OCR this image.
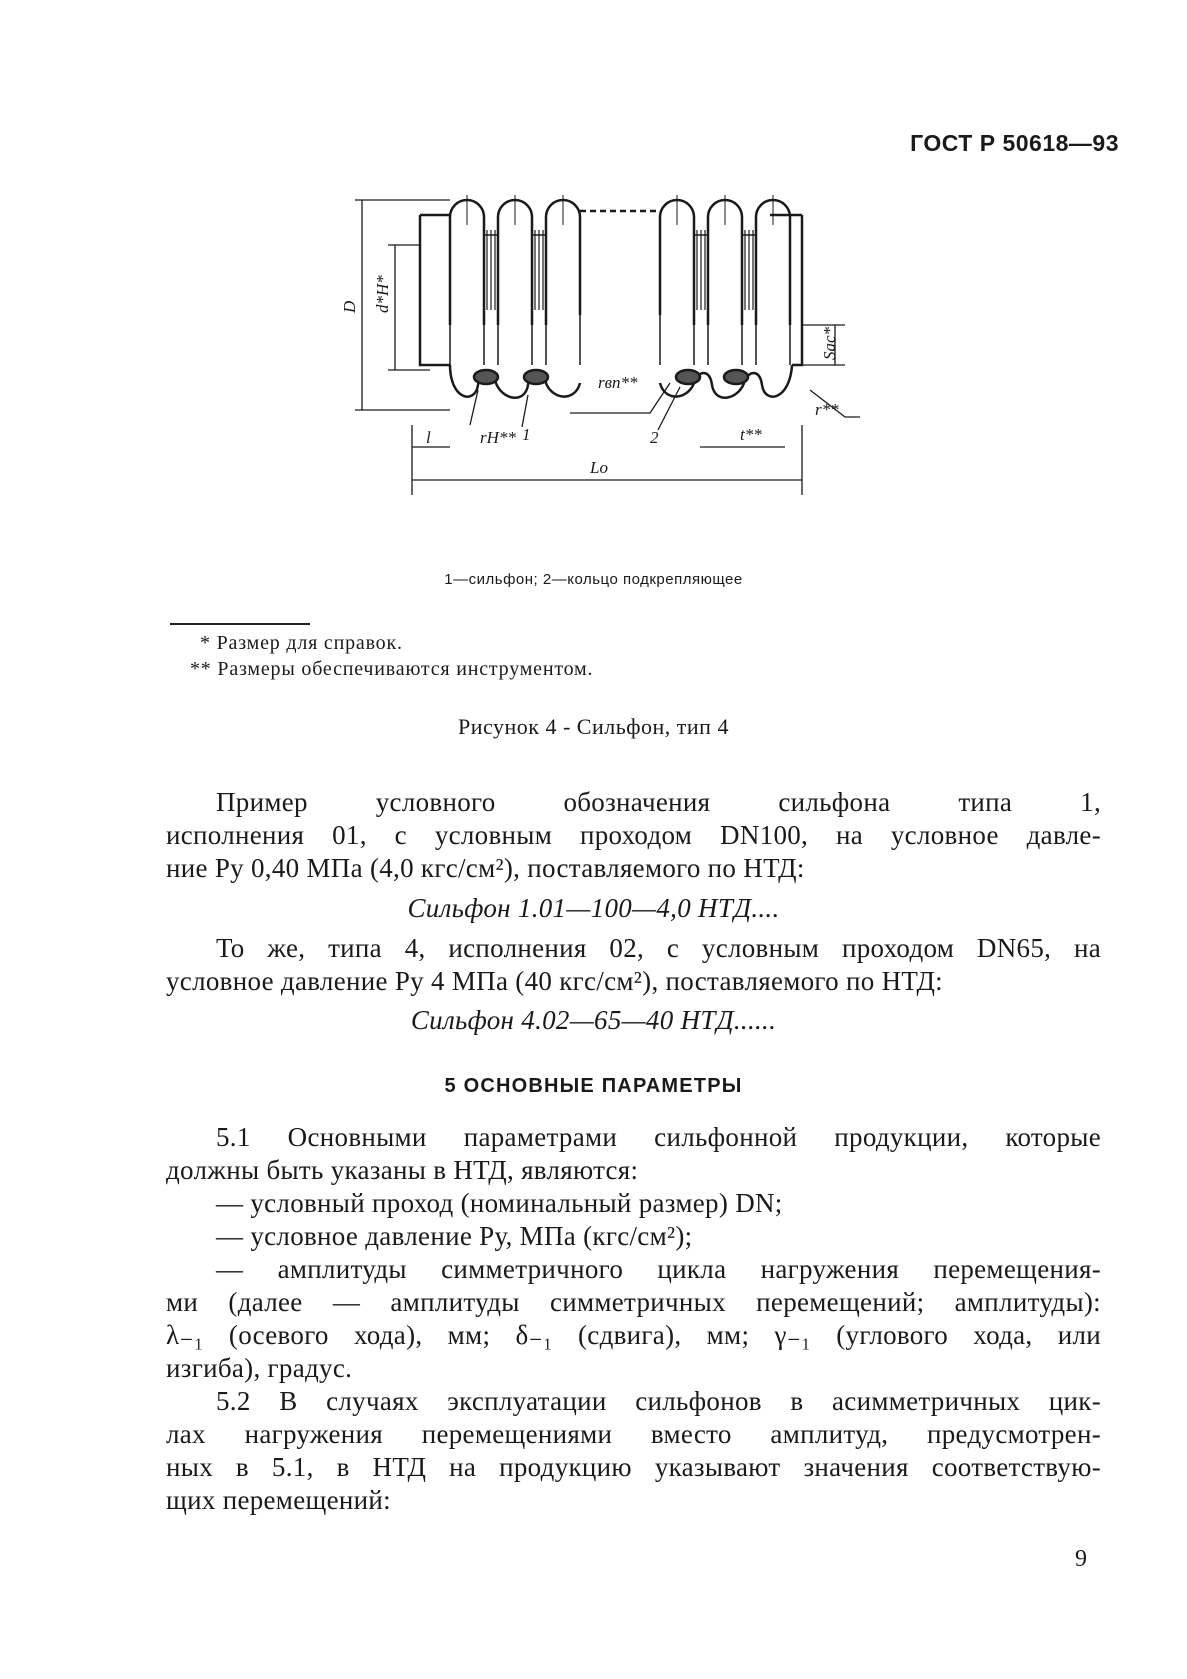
ГОСТ Р 50618—93
D d*H*
Sac*
rвп**
rH**
r**
t**
l
Lo
1	2
1—сильфон; 2—кольцо подкрепляющее
* Размер для справок.
** Размеры обеспечиваются инструментом.
Рисунок 4 - Сильфон, тип 4
Пример условного обозначения сильфона типа 1,
исполнения 01, с условным проходом DN100, на условное давле-
ние Pу 0,40 МПа (4,0 кгс/см²), поставляемого по НТД:
Сильфон 1.01—100—4,0 НТД....
То же, типа 4, исполнения 02, с условным проходом DN65, на
условное давление Pу 4 МПа (40 кгс/см²), поставляемого по НТД:
Сильфон 4.02—65—40 НТД......
5 ОСНОВНЫЕ ПАРАМЕТРЫ
5.1 Основными параметрами сильфонной продукции, которые
должны быть указаны в НТД, являются:
— условный проход (номинальный размер) DN;
— условное давление Pу, МПа (кгс/см²);
— амплитуды симметричного цикла нагружения перемещения-
ми (далее — амплитуды симметричных перемещений; амплитуды):
λ₋₁ (осевого хода), мм; δ₋₁ (сдвига), мм; γ₋₁ (углового хода, или
изгиба), градус.
5.2 В случаях эксплуатации сильфонов в асимметричных цик-
лах нагружения перемещениями вместо амплитуд, предусмотрен-
ных в 5.1, в НТД на продукцию указывают значения соответствую-
щих перемещений:
9
